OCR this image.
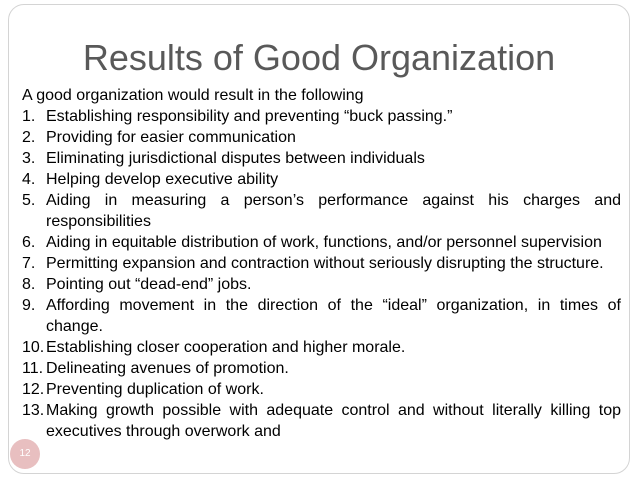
Results of Good Organization
A good organization would result in the following
12
1. Establishing responsibility and preventing “buck passing.”
2. Providing for easier communication
3. Eliminating jurisdictional disputes between individuals
4. Helping develop executive ability
5. Aiding in measuring a person’s performance against his charges and responsibilities
6. Aiding in equitable distribution of work, functions, and/or personnel supervision
7. Permitting expansion and contraction without seriously disrupting the structure.
8. Pointing out “dead-end” jobs.
9. Affording movement in the direction of the “ideal” organization, in times of change.
10. Establishing closer cooperation and higher morale.
11. Delineating avenues of promotion.
12. Preventing duplication of work.
13. Making growth possible with adequate control and without literally killing top executives through overwork and
